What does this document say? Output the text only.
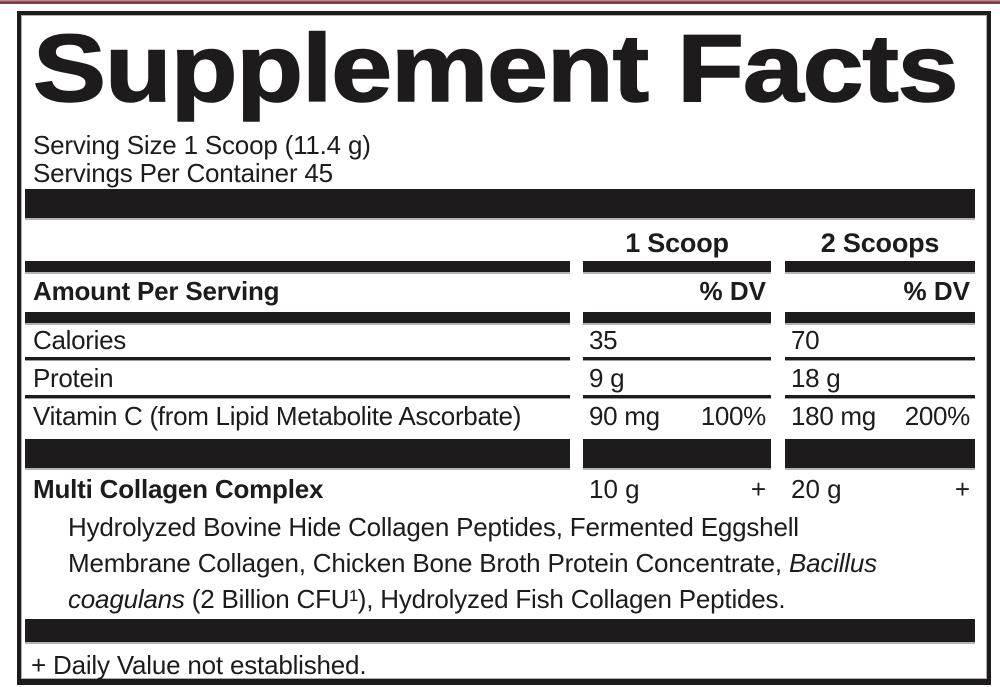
Supplement Facts
Serving Size 1 Scoop (11.4 g)
Servings Per Container 45
1 Scoop	2 Scoops
Amount Per Serving	% DV	% DV
Calories	35	70
Protein	9 g	18 g
Vitamin C (from Lipid Metabolite Ascorbate)	90 mg 100% 180 mg 200%
Multi Collagen Complex	10 g	+ 20 g	+
Hydrolyzed Bovine Hide Collagen Peptides, Fermented Eggshell
Membrane Collagen, Chicken Bone Broth Protein Concentrate, Bacillus
coagulans (2 Billion CFU¹), Hydrolyzed Fish Collagen Peptides.
+ Daily Value not established.
